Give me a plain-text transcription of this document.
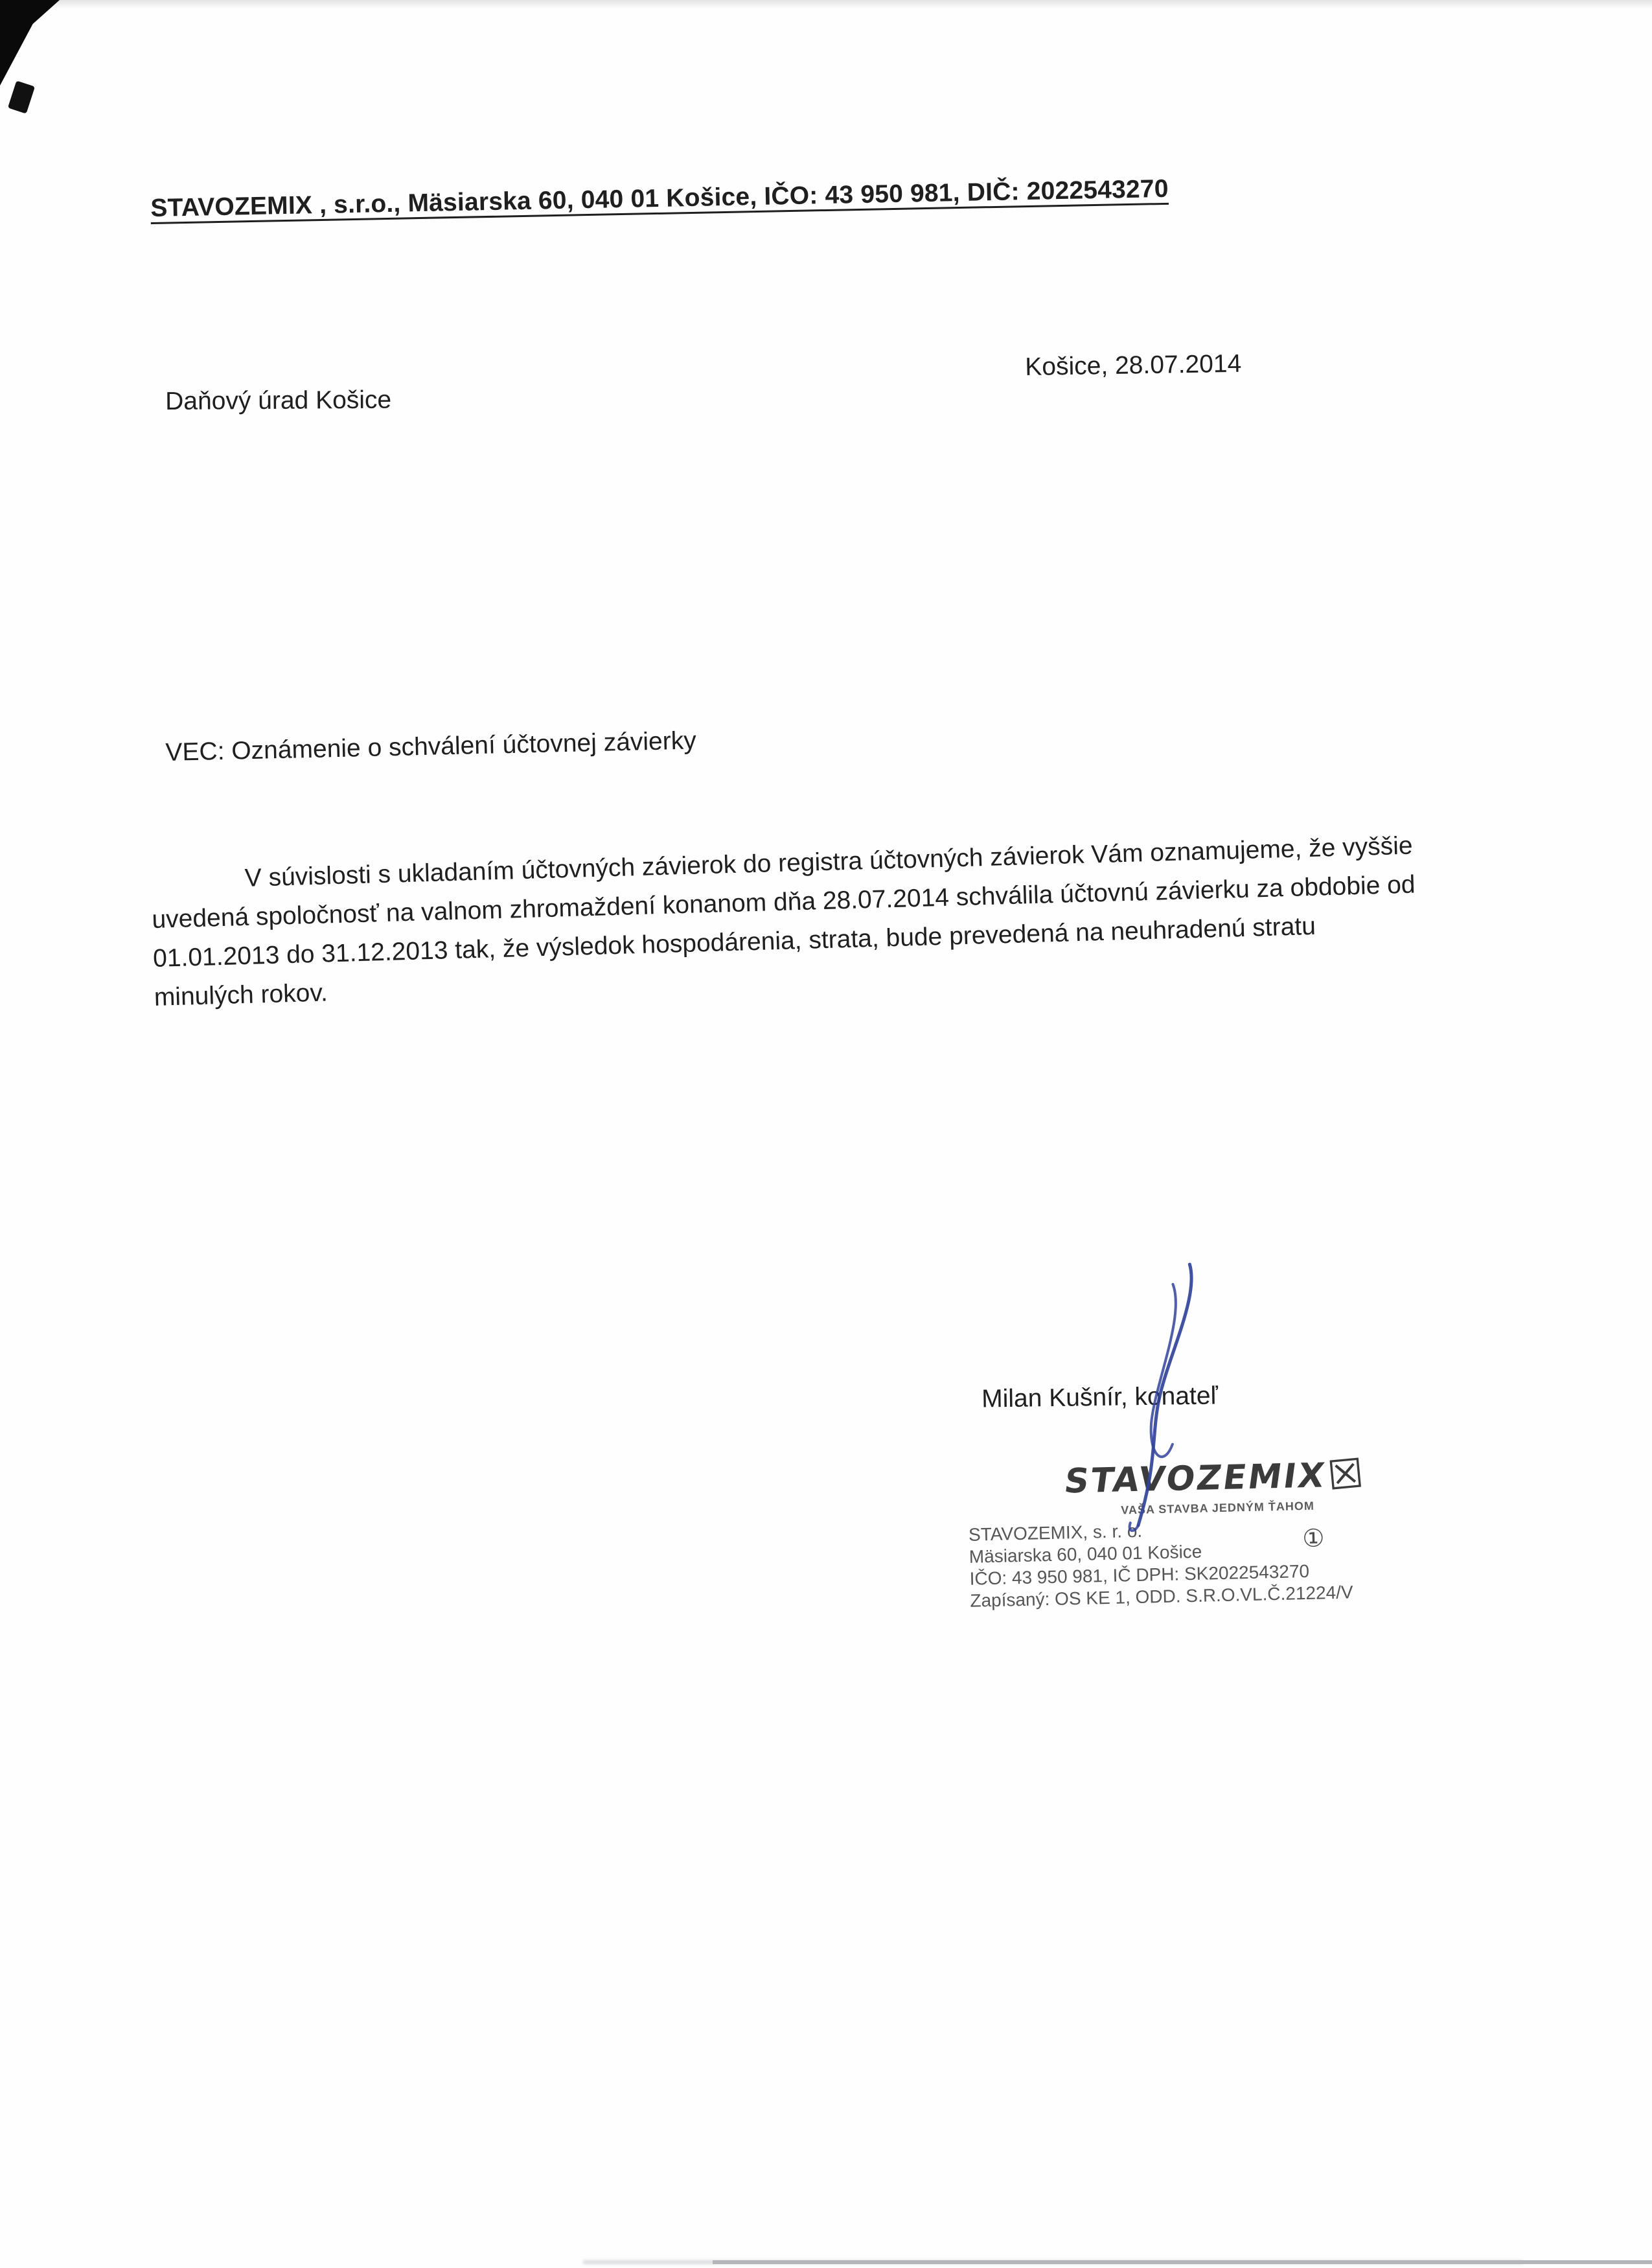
STAVOZEMIX , s.r.o., Mäsiarska 60, 040 01 Košice, IČO: 43 950 981, DIČ: 2022543270
Košice, 28.07.2014
Daňový úrad Košice
VEC: Oznámenie o schválení účtovnej závierky
V súvislosti s ukladaním účtovných závierok do registra účtovných závierok Vám oznamujeme, že vyššie uvedená spoločnosť na valnom zhromaždení konanom dňa 28.07.2014 schválila účtovnú závierku za obdobie od 01.01.2013 do 31.12.2013 tak, že výsledok hospodárenia, strata, bude prevedená na neuhradenú stratu minulých rokov.
Milan Kušnír, konateľ
STAVOZEMIX
☒
VAŠA STAVBA JEDNÝM ŤAHOM
STAVOZEMIX, s. r. o.
Mäsiarska 60, 040 01 Košice
IČO: 43 950 981, IČ DPH: SK2022543270
Zapísaný: OS KE 1, ODD. S.R.O.VL.Č.21224/V
①
